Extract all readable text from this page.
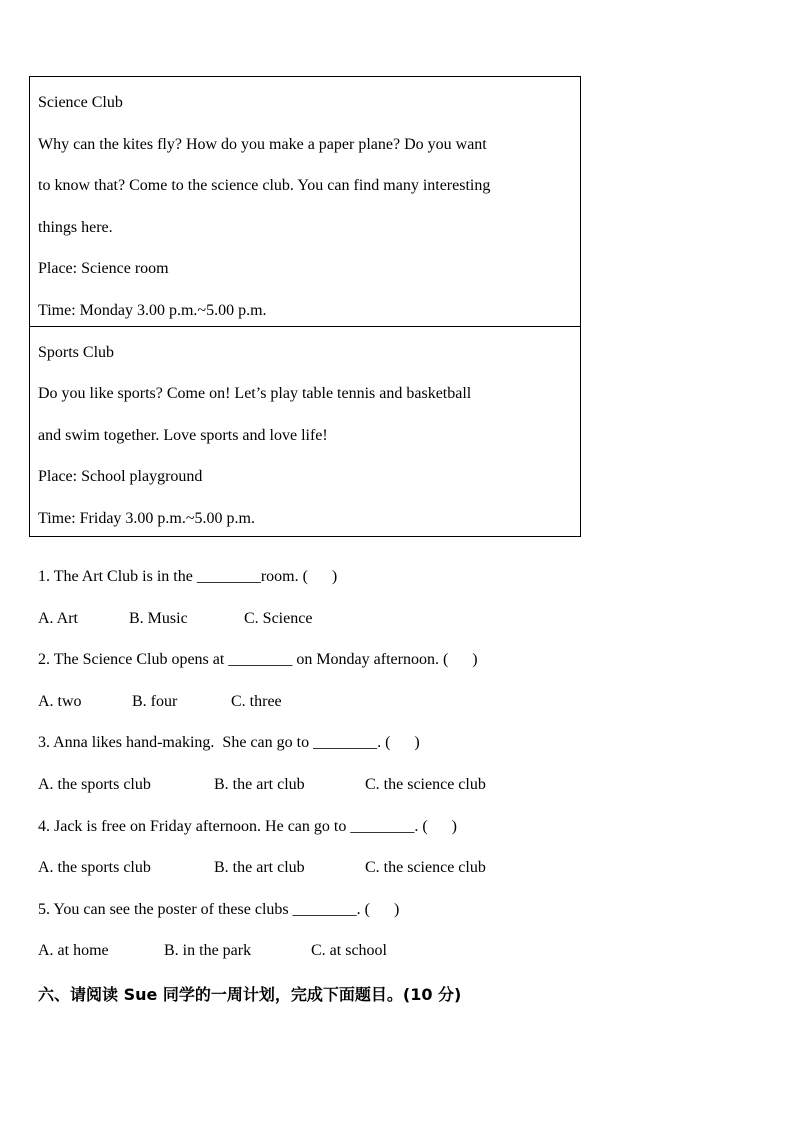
Science Club
Why can the kites fly? How do you make a paper plane? Do you want
to know that? Come to the science club. You can find many interesting
things here.
Place: Science room
Time: Monday 3.00 p.m.~5.00 p.m.
Sports Club
Do you like sports? Come on! Let’s play table tennis and basketball
and swim together. Love sports and love life!
Place: School playground
Time: Friday 3.00 p.m.~5.00 p.m.
1. The Art Club is in the ________room. (      )
A. Art	B. Music	C. Science
2. The Science Club opens at ________ on Monday afternoon. (      )
A. two	B. four	C. three
3. Anna likes hand-making.  She can go to ________. (      )
A. the sports club	B. the art club	C. the science club
4. Jack is free on Friday afternoon. He can go to ________. (      )
A. the sports club	B. the art club	C. the science club
5. You can see the poster of these clubs ________. (      )
A. at home	B. in the park	C. at school
六、请阅读 Sue 同学的一周计划，完成下面题目。(10 分)
